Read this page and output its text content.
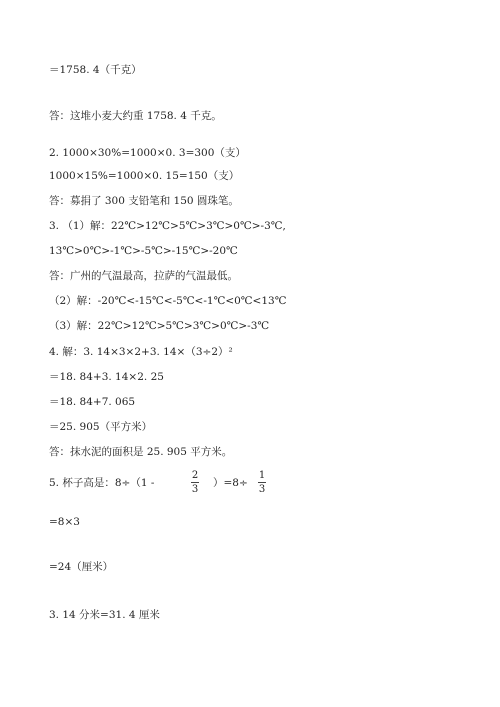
＝1758. 4（千克）
答：这堆小麦大约重 1758. 4 千克。
2. 1000×30%=1000×0. 3=300（支）
1000×15%=1000×0. 15=150（支）
答：募捐了 300 支铅笔和 150 圆珠笔。
3. （1）解：22℃>12℃>5℃>3℃>0℃>-3℃,
13℃>0℃>-1℃>-5℃>-15℃>-20℃
答：广州的气温最高，拉萨的气温最低。
（2）解：-20℃<-15℃<-5℃<-1℃<0℃<13℃
（3）解：22℃>12℃>5℃>3℃>0℃>-3℃
4. 解：3. 14×3×2+3. 14×（3÷2）²
＝18. 84+3. 14×2. 25
＝18. 84+7. 065
＝25. 905（平方米）
答：抹水泥的面积是 25. 905 平方米。
5. 杯子高是：8÷（1 -
2
3
）=8÷
1
3
=8×3
=24（厘米）
3. 14 分米=31. 4 厘米
